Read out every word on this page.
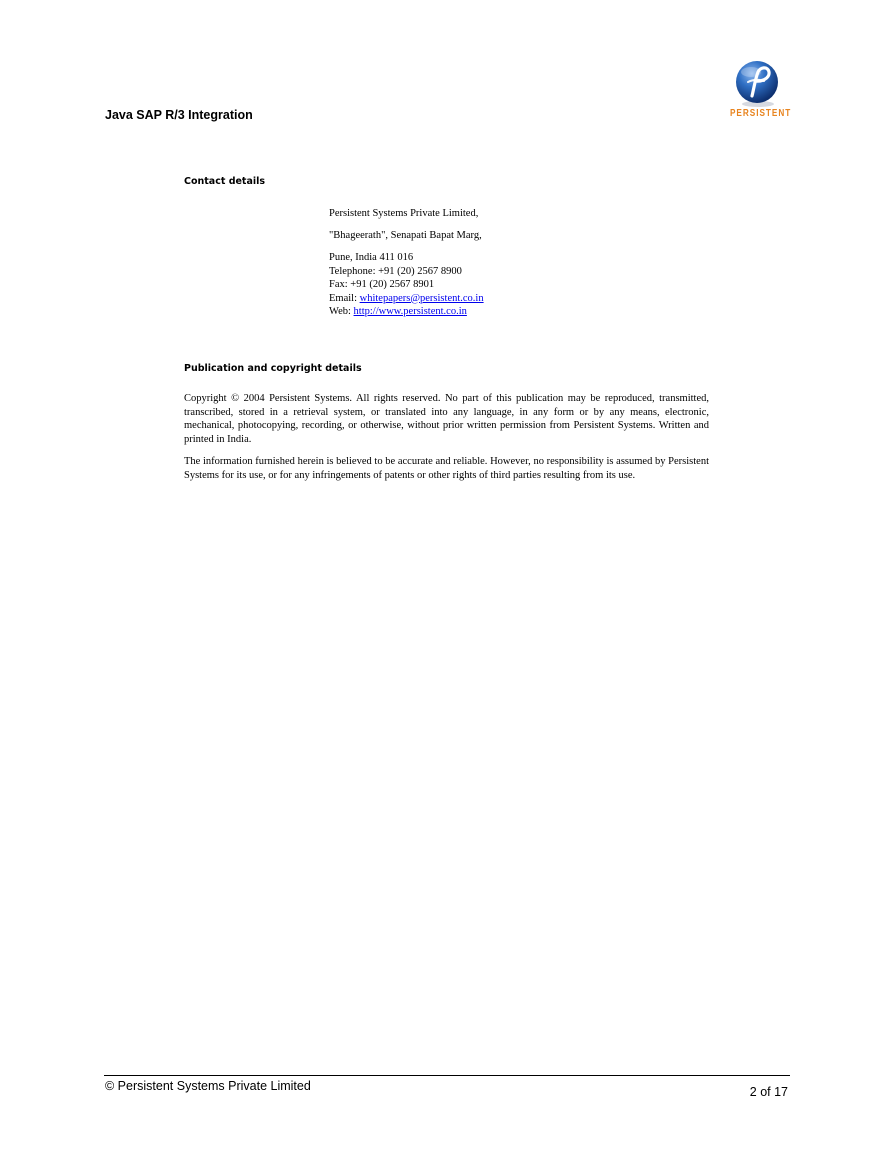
Java SAP R/3 Integration	PERSISTENT
Contact details

Persistent Systems Private Limited,

"Bhageerath", Senapati Bapat Marg,

Pune, India 411 016

Telephone: +91 (20) 2567 8900

Fax: +91 (20) 2567 8901

Email: whitepapers@persistent.co.in

Web: http://www.persistent.co.in

Publication and copyright details
Copyright © 2004 Persistent Systems. All rights reserved. No part of this publication may be reproduced, transmitted, transcribed, stored in a retrieval system, or translated into any language, in any form or by any means, electronic, mechanical, photocopying, recording, or otherwise, without prior written permission from Persistent Systems. Written and printed in India.
The information furnished herein is believed to be accurate and reliable. However, no responsibility is assumed by Persistent Systems for its use, or for any infringements of patents or other rights of third parties resulting from its use.
© Persistent Systems Private Limited	2 of 17
